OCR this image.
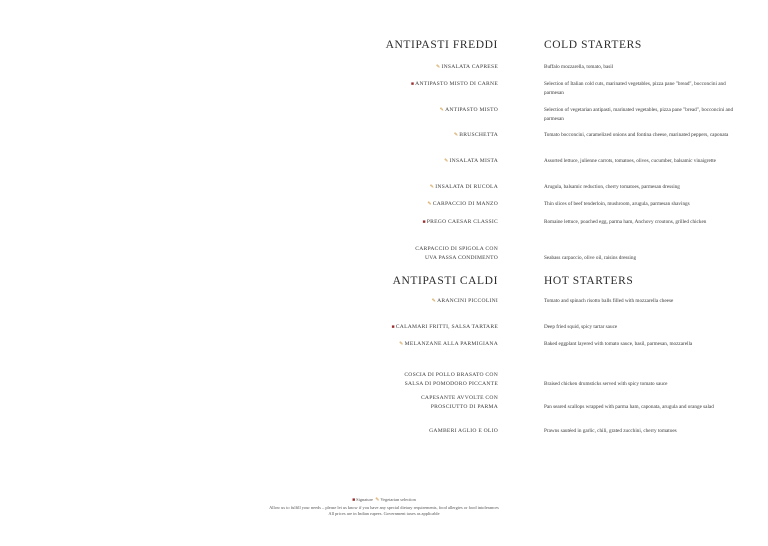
ANTIPASTI FREDDI	COLD STARTERS
✎INSALATA CAPRESE	Buffalo mozzarella, tomato, basil
■ANTIPASTO MISTO DI CARNE	Selection of Italian cold cuts, marinated vegetables, pizza pane "bread", bocconcini and parmesan
✎ANTIPASTO MISTO	Selection of vegetarian antipasti, marinated vegetables, pizza pane "bread", bocconcini and parmesan
✎BRUSCHETTA	Tomato bocconcini, caramelized onions and fontina cheese, marinated peppers, caponata
✎INSALATA MISTA	Assorted lettuce, julienne carrots, tomatoes, olives, cucumber, balsamic vinaigrette
✎INSALATA DI RUCOLA	Arugula, balsamic reduction, cherry tomatoes, parmesan dressing
✎CARPACCIO DI MANZO	Thin slices of beef tenderloin, mushroom, arugula, parmesan shavings
■PREGO CAESAR CLASSIC	Romaine lettuce, poached egg, parma ham, Anchovy croutons, grilled chicken
CARPACCIO DI SPIGOLA CON
UVA PASSA CONDIMENTO	Seabass carpaccio, olive oil, raisins dressing
ANTIPASTI CALDI	HOT STARTERS
✎ARANCINI PICCOLINI	Tomato and spinach risotto balls filled with mozzarella cheese
■CALAMARI FRITTI, SALSA TARTARE	Deep fried squid, spicy tartar sauce
✎MELANZANE ALLA PARMIGIANA	Baked eggplant layered with tomato sauce, basil, parmesan, mozzarella
COSCIA DI POLLO BRASATO CON
SALSA DI POMODORO PICCANTE	Braised chicken drumsticks served with spicy tomato sauce
CAPESANTE AVVOLTE CON
PROSCIUTTO DI PARMA	Pan seared scallops wrapped with parma ham, caponata, arugula and orange salad
GAMBERI AGLIO E OLIO	Prawns sautéed in garlic, chili, grated zucchini, cherry tomatoes
■Signature ✎Vegetarian selection
Allow us to fulfill your needs – please let us know if you have any special dietary requirements, food allergies or food intolerances
All prices are in Indian rupees. Government taxes as applicable
